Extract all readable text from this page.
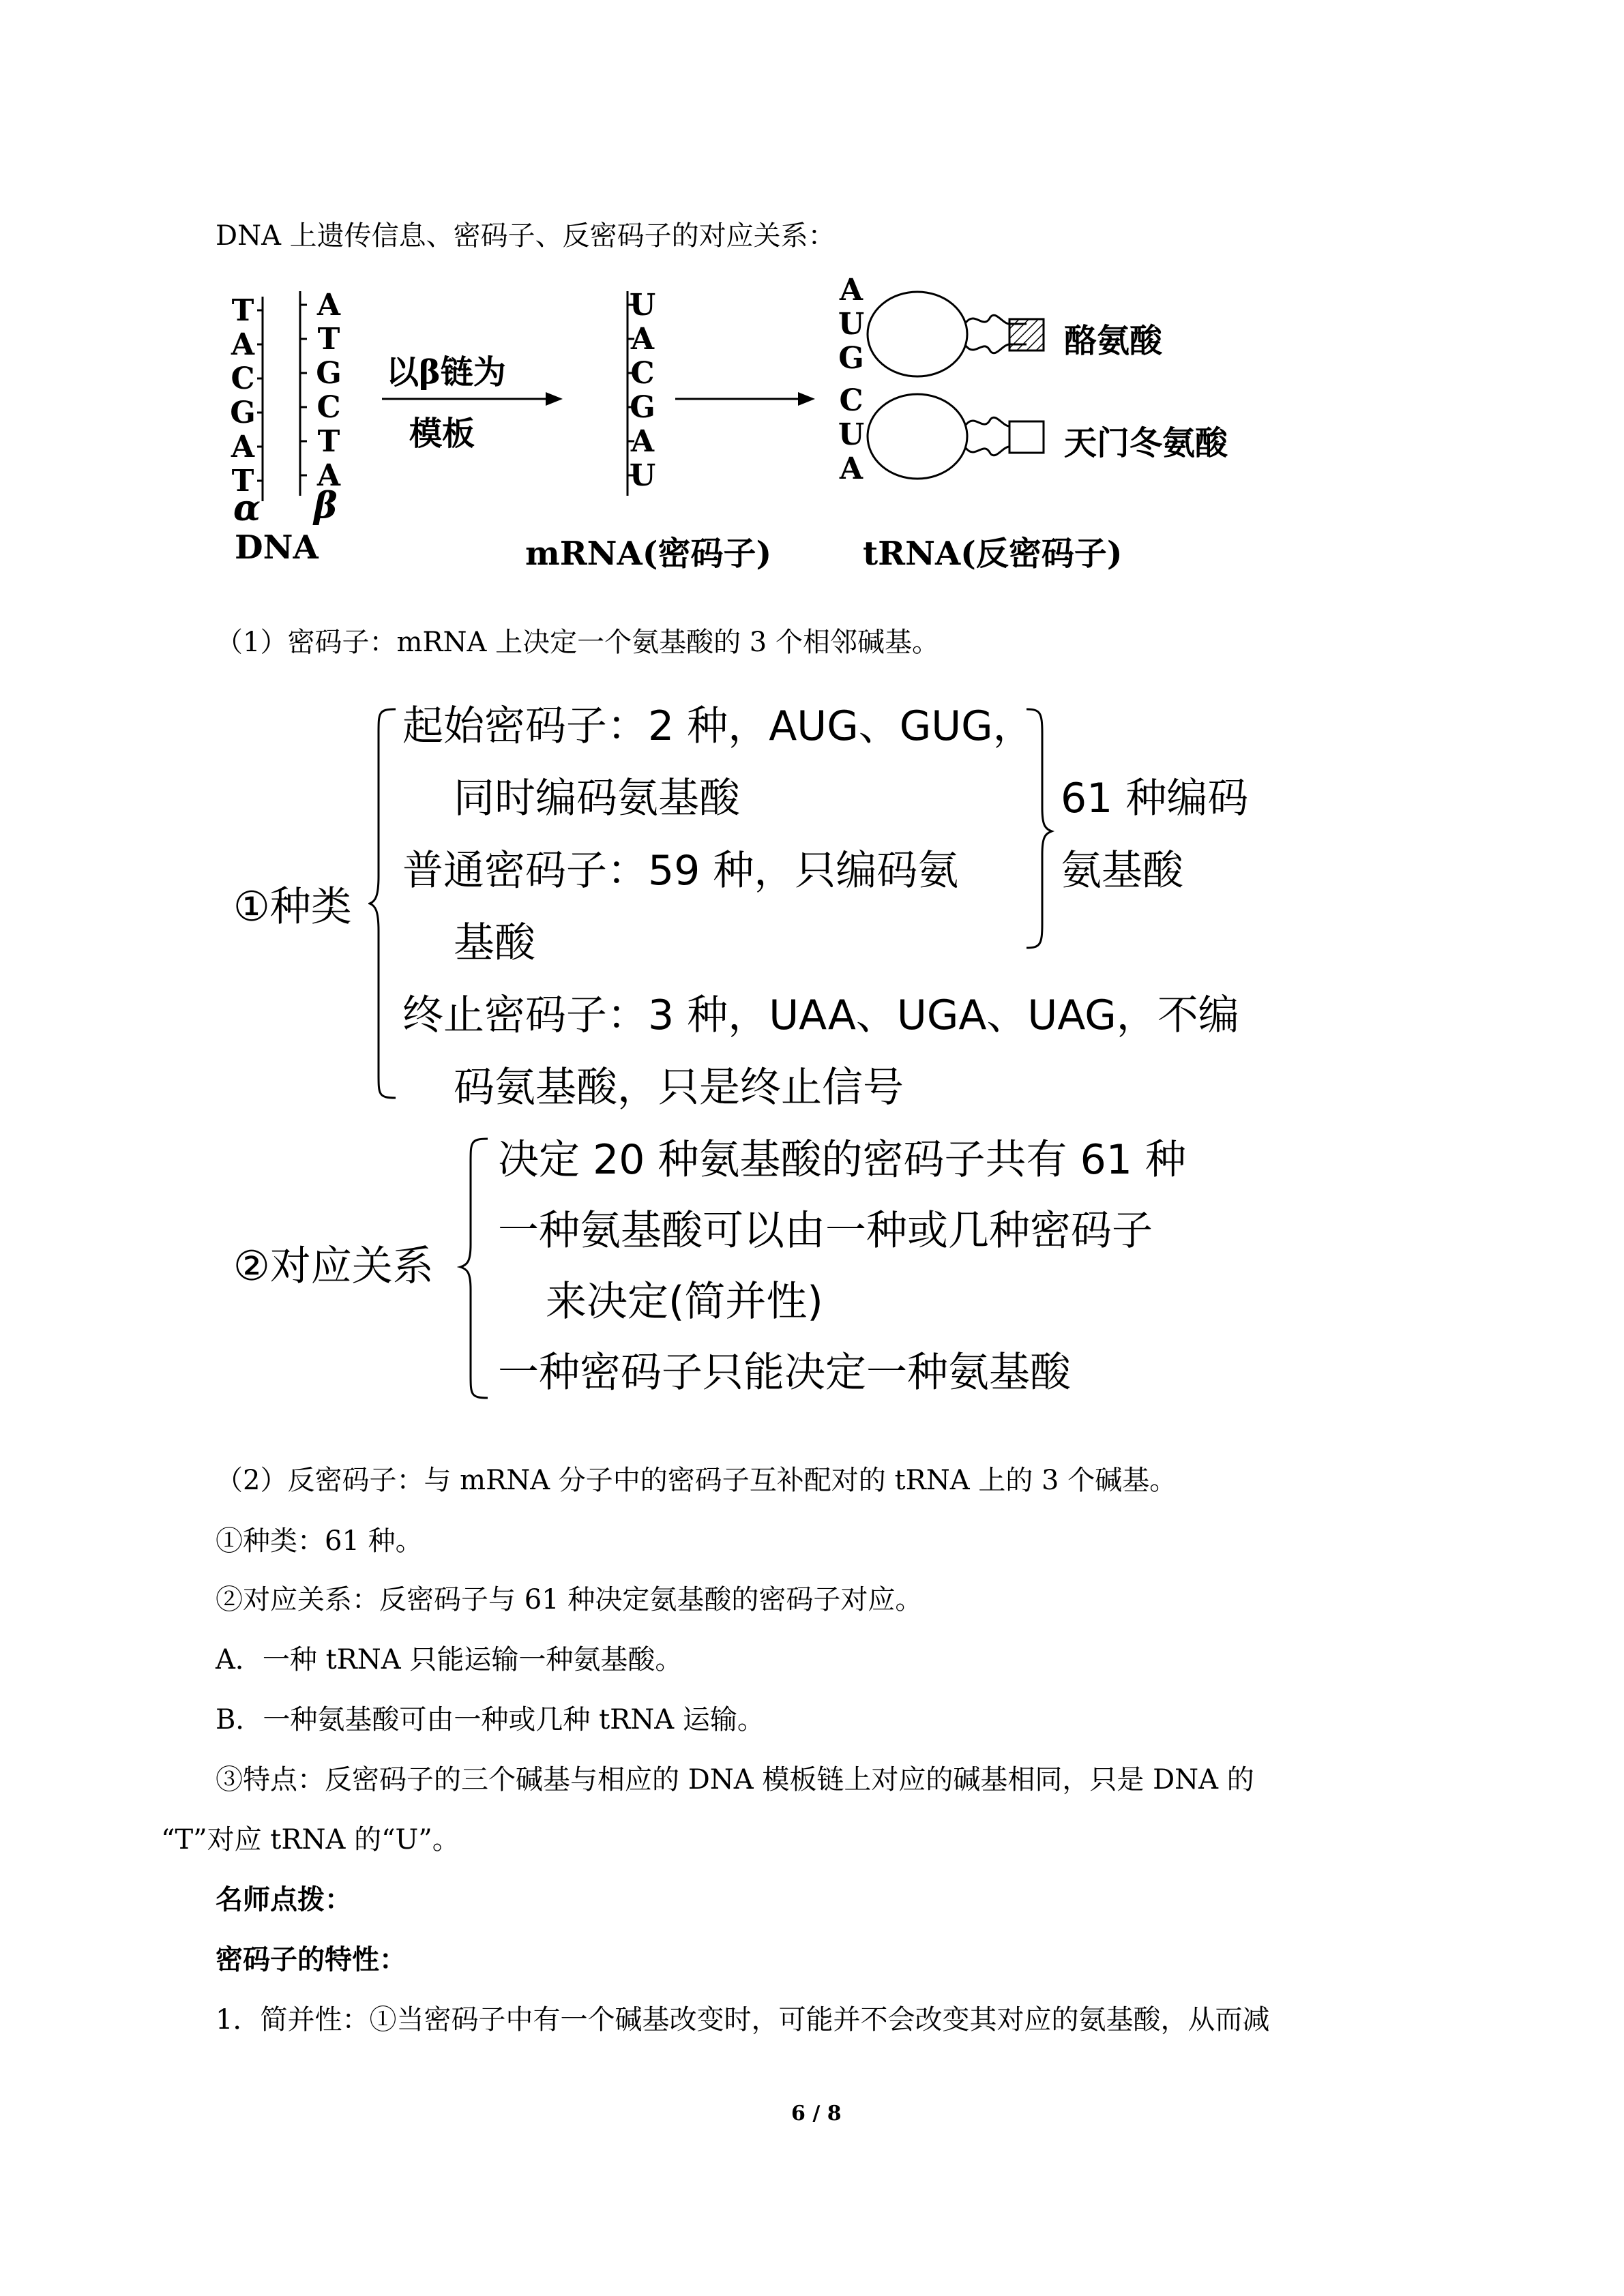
DNA 上遗传信息、密码子、反密码子的对应关系：
T
A
C
G
A
T
A
T
G
C
T
A
α β
DNA
以β链为
模板
U
A
C
G
A
U
mRNA(密码子)
A
U
G
C
U
A
酪氨酸
天门冬氨酸
tRNA(反密码子)
（1）密码子：mRNA 上决定一个氨基酸的 3 个相邻碱基。
①种类
起始密码子：2 种，AUG、GUG，
同时编码氨基酸
普通密码子：59 种，只编码氨
基酸
61 种编码
氨基酸
终止密码子：3 种，UAA、UGA、UAG，不编
码氨基酸，只是终止信号
②对应关系
决定 20 种氨基酸的密码子共有 61 种
一种氨基酸可以由一种或几种密码子
来决定(简并性)
一种密码子只能决定一种氨基酸
（2）反密码子：与 mRNA 分子中的密码子互补配对的 tRNA 上的 3 个碱基。
①种类：61 种。
②对应关系：反密码子与 61 种决定氨基酸的密码子对应。
A．一种 tRNA 只能运输一种氨基酸。
B．一种氨基酸可由一种或几种 tRNA 运输。
③特点：反密码子的三个碱基与相应的 DNA 模板链上对应的碱基相同，只是 DNA 的
“T”对应 tRNA 的“U”。
名师点拨：
密码子的特性：
1．简并性：①当密码子中有一个碱基改变时，可能并不会改变其对应的氨基酸，从而减
6 / 8
